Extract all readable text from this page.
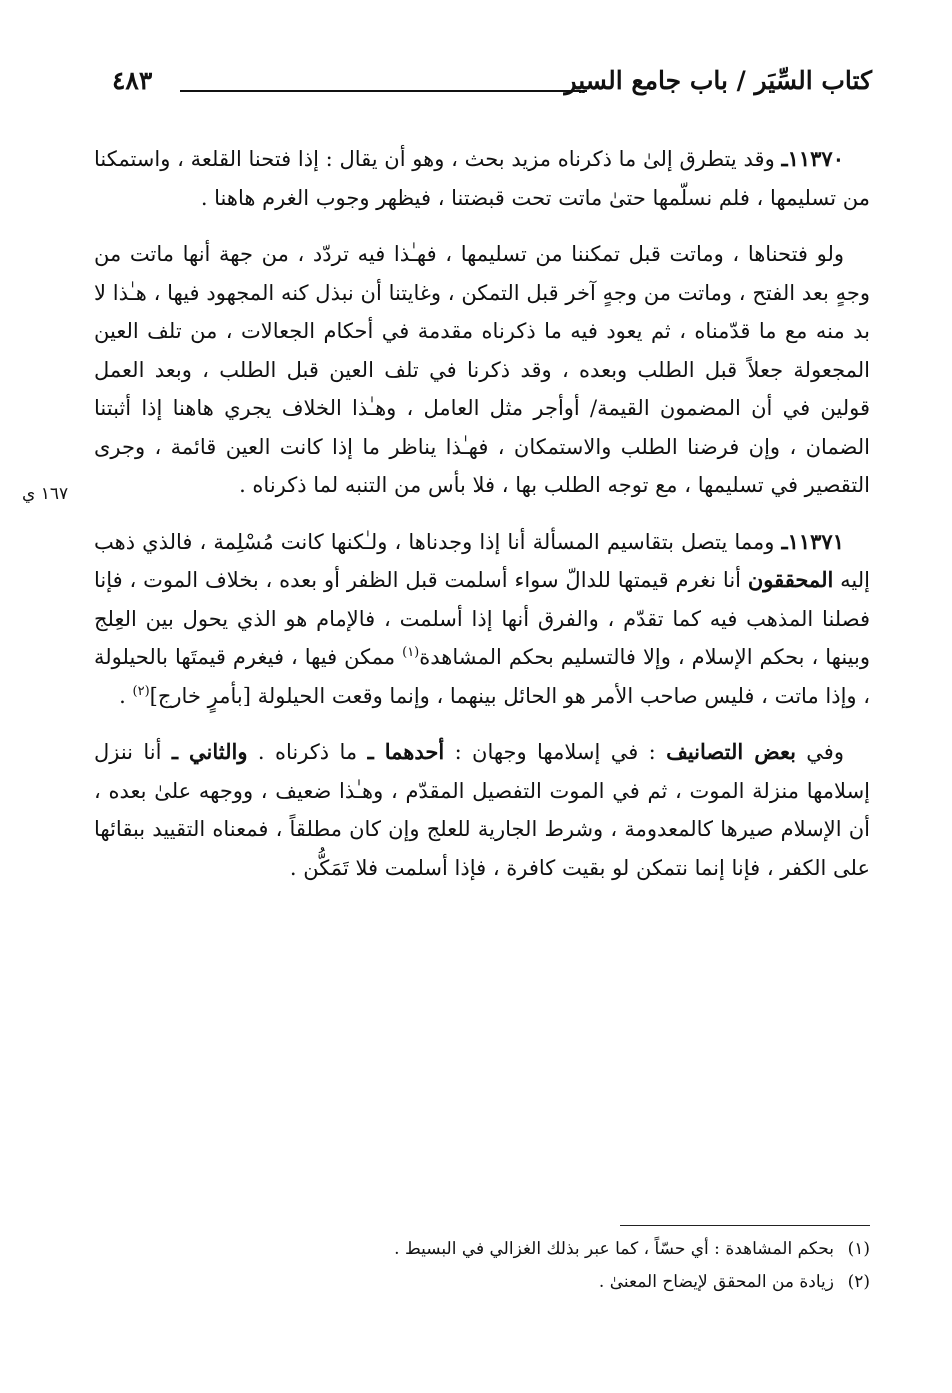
كتاب السِّيَر / باب جامع السير
٤٨٣
١٦٧ ي

١١٣٧٠ـ وقد يتطرق إلىٰ ما ذكرناه مزيد بحث ، وهو أن يقال : إذا فتحنا القلعة ، واستمكنا من تسليمها ، فلم نسلّمها حتىٰ ماتت تحت قبضتنا ، فيظهر وجوب الغرم هاهنا .

ولو فتحناها ، وماتت قبل تمكننا من تسليمها ، فهـٰذا فيه تردّد ، من جهة أنها ماتت من وجهٍ بعد الفتح ، وماتت من وجهٍ آخر قبل التمكن ، وغايتنا أن نبذل كنه المجهود فيها ، هـٰذا لا بد منه مع ما قدّمناه ، ثم يعود فيه ما ذكرناه مقدمة في أحكام الجعالات ، من تلف العين المجعولة جعلاً قبل الطلب وبعده ، وقد ذكرنا في تلف العين قبل الطلب ، وبعد العمل قولين في أن المضمون القيمة/ أوأجر مثل العامل ، وهـٰذا الخلاف يجري هاهنا إذا أثبتنا الضمان ، وإن فرضنا الطلب والاستمكان ، فهـٰذا يناظر ما إذا كانت العين قائمة ، وجرى التقصير في تسليمها ، مع توجه الطلب بها ، فلا بأس من التنبه لما ذكرناه .

١١٣٧١ـ ومما يتصل بتقاسيم المسألة أنا إذا وجدناها ، ولـٰكنها كانت مُسْلِمة ، فالذي ذهب إليه المحققون أنا نغرم قيمتها للدالّ سواء أسلمت قبل الظفر أو بعده ، بخلاف الموت ، فإنا فصلنا المذهب فيه كما تقدّم ، والفرق أنها إذا أسلمت ، فالإمام هو الذي يحول بين العِلج وبينها ، بحكم الإسلام ، وإلا فالتسليم بحكم المشاهدة$^{(١)}$ ممكن فيها ، فيغرم قيمتَها بالحيلولة ، وإذا ماتت ، فليس صاحب الأمر هو الحائل بينهما ، وإنما وقعت الحيلولة [بأمرٍ خارج]$^{(٢)}$ .

وفي بعض التصانيف : في إسلامها وجهان : أحدهما ـ ما ذكرناه . والثاني ـ أنا ننزل إسلامها منزلة الموت ، ثم في الموت التفصيل المقدّم ، وهـٰذا ضعيف ، ووجهه علىٰ بعده ، أن الإسلام صيرها كالمعدومة ، وشرط الجارية للعلج وإن كان مطلقاً ، فمعناه التقييد ببقائها على الكفر ، فإنا إنما نتمكن لو بقيت كافرة ، فإذا أسلمت فلا تَمَكُّن .

(١)
بحكم المشاهدة : أي حسّاً ، كما عبر بذلك الغزالي في البسيط .
(٢)
زيادة من المحقق لإيضاح المعنىٰ .
